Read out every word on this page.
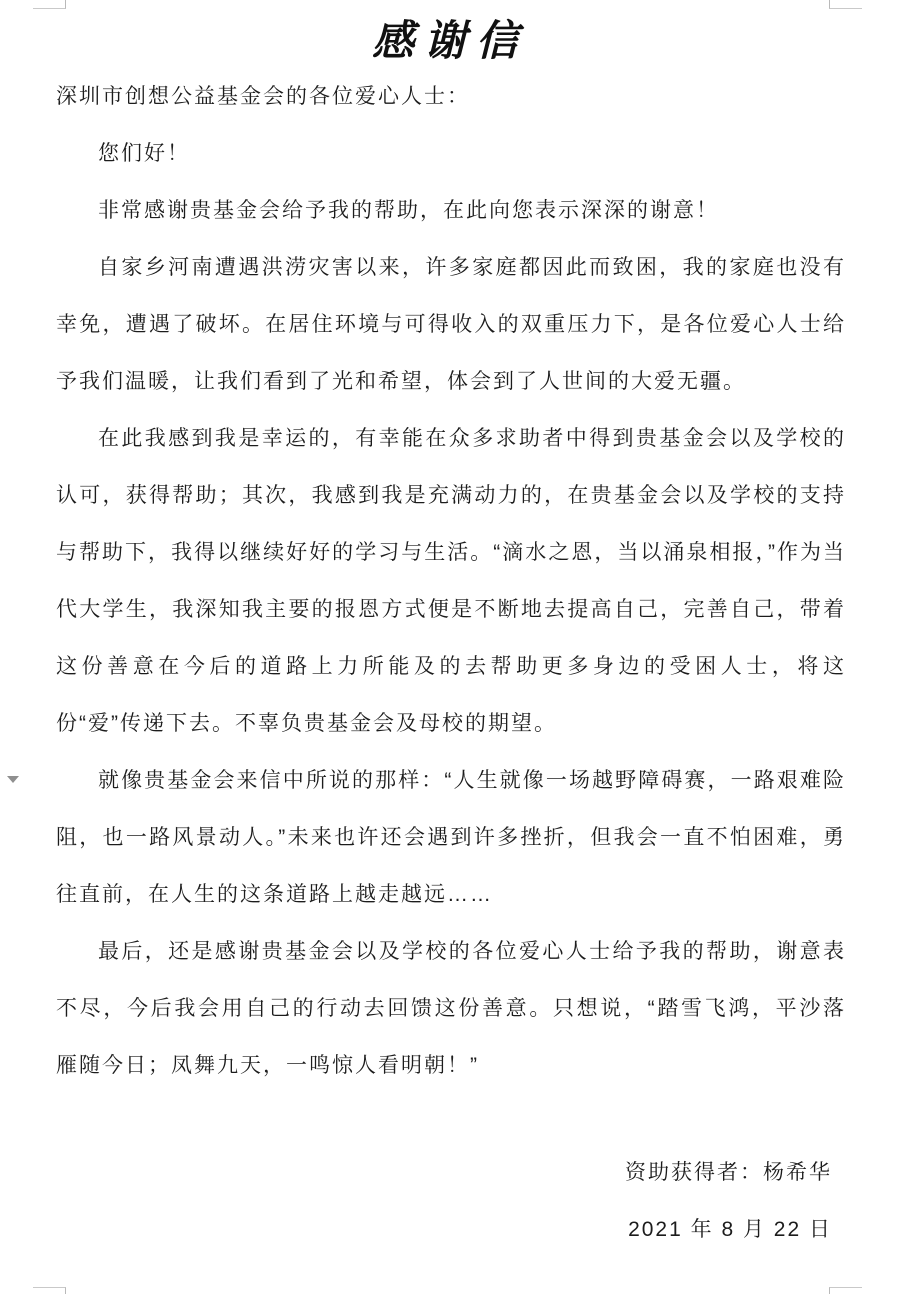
感谢信

深圳市创想公益基金会的各位爱心人士：

您们好！

非常感谢贵基金会给予我的帮助，在此向您表示深深的谢意！

自家乡河南遭遇洪涝灾害以来，许多家庭都因此而致困，我的家庭也没有幸免，遭遇了破坏。在居住环境与可得收入的双重压力下，是各位爱心人士给予我们温暖，让我们看到了光和希望，体会到了人世间的大爱无疆。

在此我感到我是幸运的，有幸能在众多求助者中得到贵基金会以及学校的认可，获得帮助；其次，我感到我是充满动力的，在贵基金会以及学校的支持与帮助下，我得以继续好好的学习与生活。“滴水之恩，当以涌泉相报，”作为当代大学生，我深知我主要的报恩方式便是不断地去提高自己，完善自己，带着这份善意在今后的道路上力所能及的去帮助更多身边的受困人士，将这份“爱”传递下去。不辜负贵基金会及母校的期望。

就像贵基金会来信中所说的那样：“人生就像一场越野障碍赛，一路艰难险阻，也一路风景动人。”未来也许还会遇到许多挫折，但我会一直不怕困难，勇往直前，在人生的这条道路上越走越远……

最后，还是感谢贵基金会以及学校的各位爱心人士给予我的帮助，谢意表不尽，今后我会用自己的行动去回馈这份善意。只想说，“踏雪飞鸿，平沙落雁随今日；凤舞九天，一鸣惊人看明朝！”

资助获得者：杨希华

2021 年 8 月 22 日
